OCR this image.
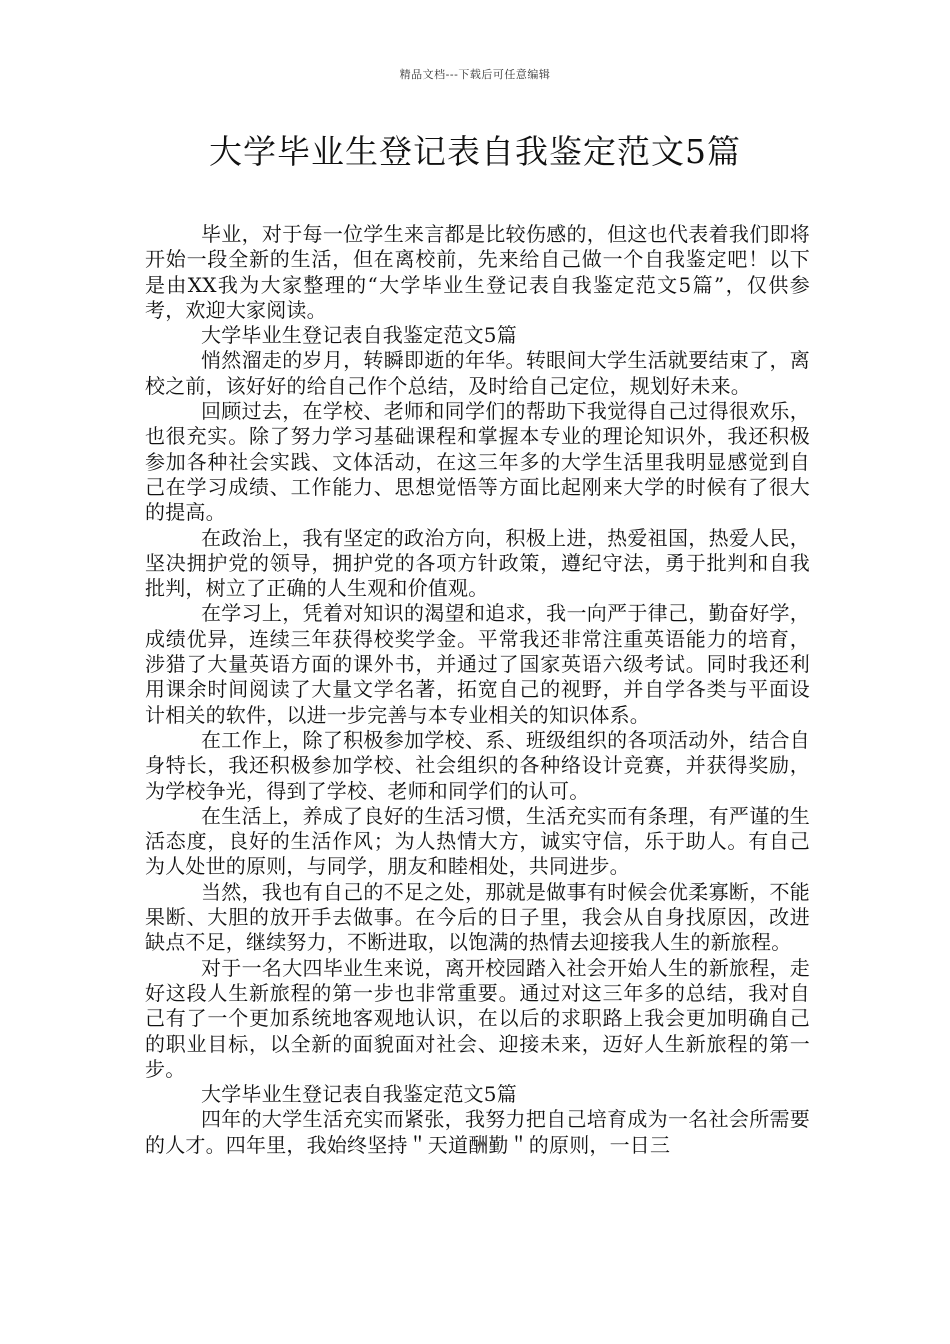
精品文档---下载后可任意编辑
大学毕业生登记表自我鉴定范文5篇

毕业，对于每一位学生来言都是比较伤感的，但这也代表着我们即将开始一段全新的生活，但在离校前，先来给自己做一个自我鉴定吧！以下是由XX我为大家整理的“大学毕业生登记表自我鉴定范文5篇”，仅供参考，欢迎大家阅读。

大学毕业生登记表自我鉴定范文5篇

悄然溜走的岁月，转瞬即逝的年华。转眼间大学生活就要结束了，离校之前，该好好的给自己作个总结，及时给自己定位，规划好未来。

回顾过去，在学校、老师和同学们的帮助下我觉得自己过得很欢乐，也很充实。除了努力学习基础课程和掌握本专业的理论知识外，我还积极参加各种社会实践、文体活动，在这三年多的大学生活里我明显感觉到自己在学习成绩、工作能力、思想觉悟等方面比起刚来大学的时候有了很大的提高。

在政治上，我有坚定的政治方向，积极上进，热爱祖国，热爱人民，坚决拥护党的领导，拥护党的各项方针政策，遵纪守法，勇于批判和自我批判，树立了正确的人生观和价值观。

在学习上，凭着对知识的渴望和追求，我一向严于律己，勤奋好学，成绩优异，连续三年获得校奖学金。平常我还非常注重英语能力的培育，涉猎了大量英语方面的课外书，并通过了国家英语六级考试。同时我还利用课余时间阅读了大量文学名著，拓宽自己的视野，并自学各类与平面设计相关的软件，以进一步完善与本专业相关的知识体系。

在工作上，除了积极参加学校、系、班级组织的各项活动外，结合自身特长，我还积极参加学校、社会组织的各种络设计竞赛，并获得奖励，为学校争光，得到了学校、老师和同学们的认可。

在生活上，养成了良好的生活习惯，生活充实而有条理，有严谨的生活态度，良好的生活作风；为人热情大方，诚实守信，乐于助人。有自己为人处世的原则，与同学，朋友和睦相处，共同进步。

当然，我也有自己的不足之处，那就是做事有时候会优柔寡断，不能果断、大胆的放开手去做事。在今后的日子里，我会从自身找原因，改进缺点不足，继续努力，不断进取，以饱满的热情去迎接我人生的新旅程。

对于一名大四毕业生来说，离开校园踏入社会开始人生的新旅程，走好这段人生新旅程的第一步也非常重要。通过对这三年多的总结，我对自己有了一个更加系统地客观地认识，在以后的求职路上我会更加明确自己的职业目标，以全新的面貌面对社会、迎接未来，迈好人生新旅程的第一步。

大学毕业生登记表自我鉴定范文5篇

四年的大学生活充实而紧张，我努力把自己培育成为一名社会所需要的人才。四年里，我始终坚持＂天道酬勤＂的原则，一日三
